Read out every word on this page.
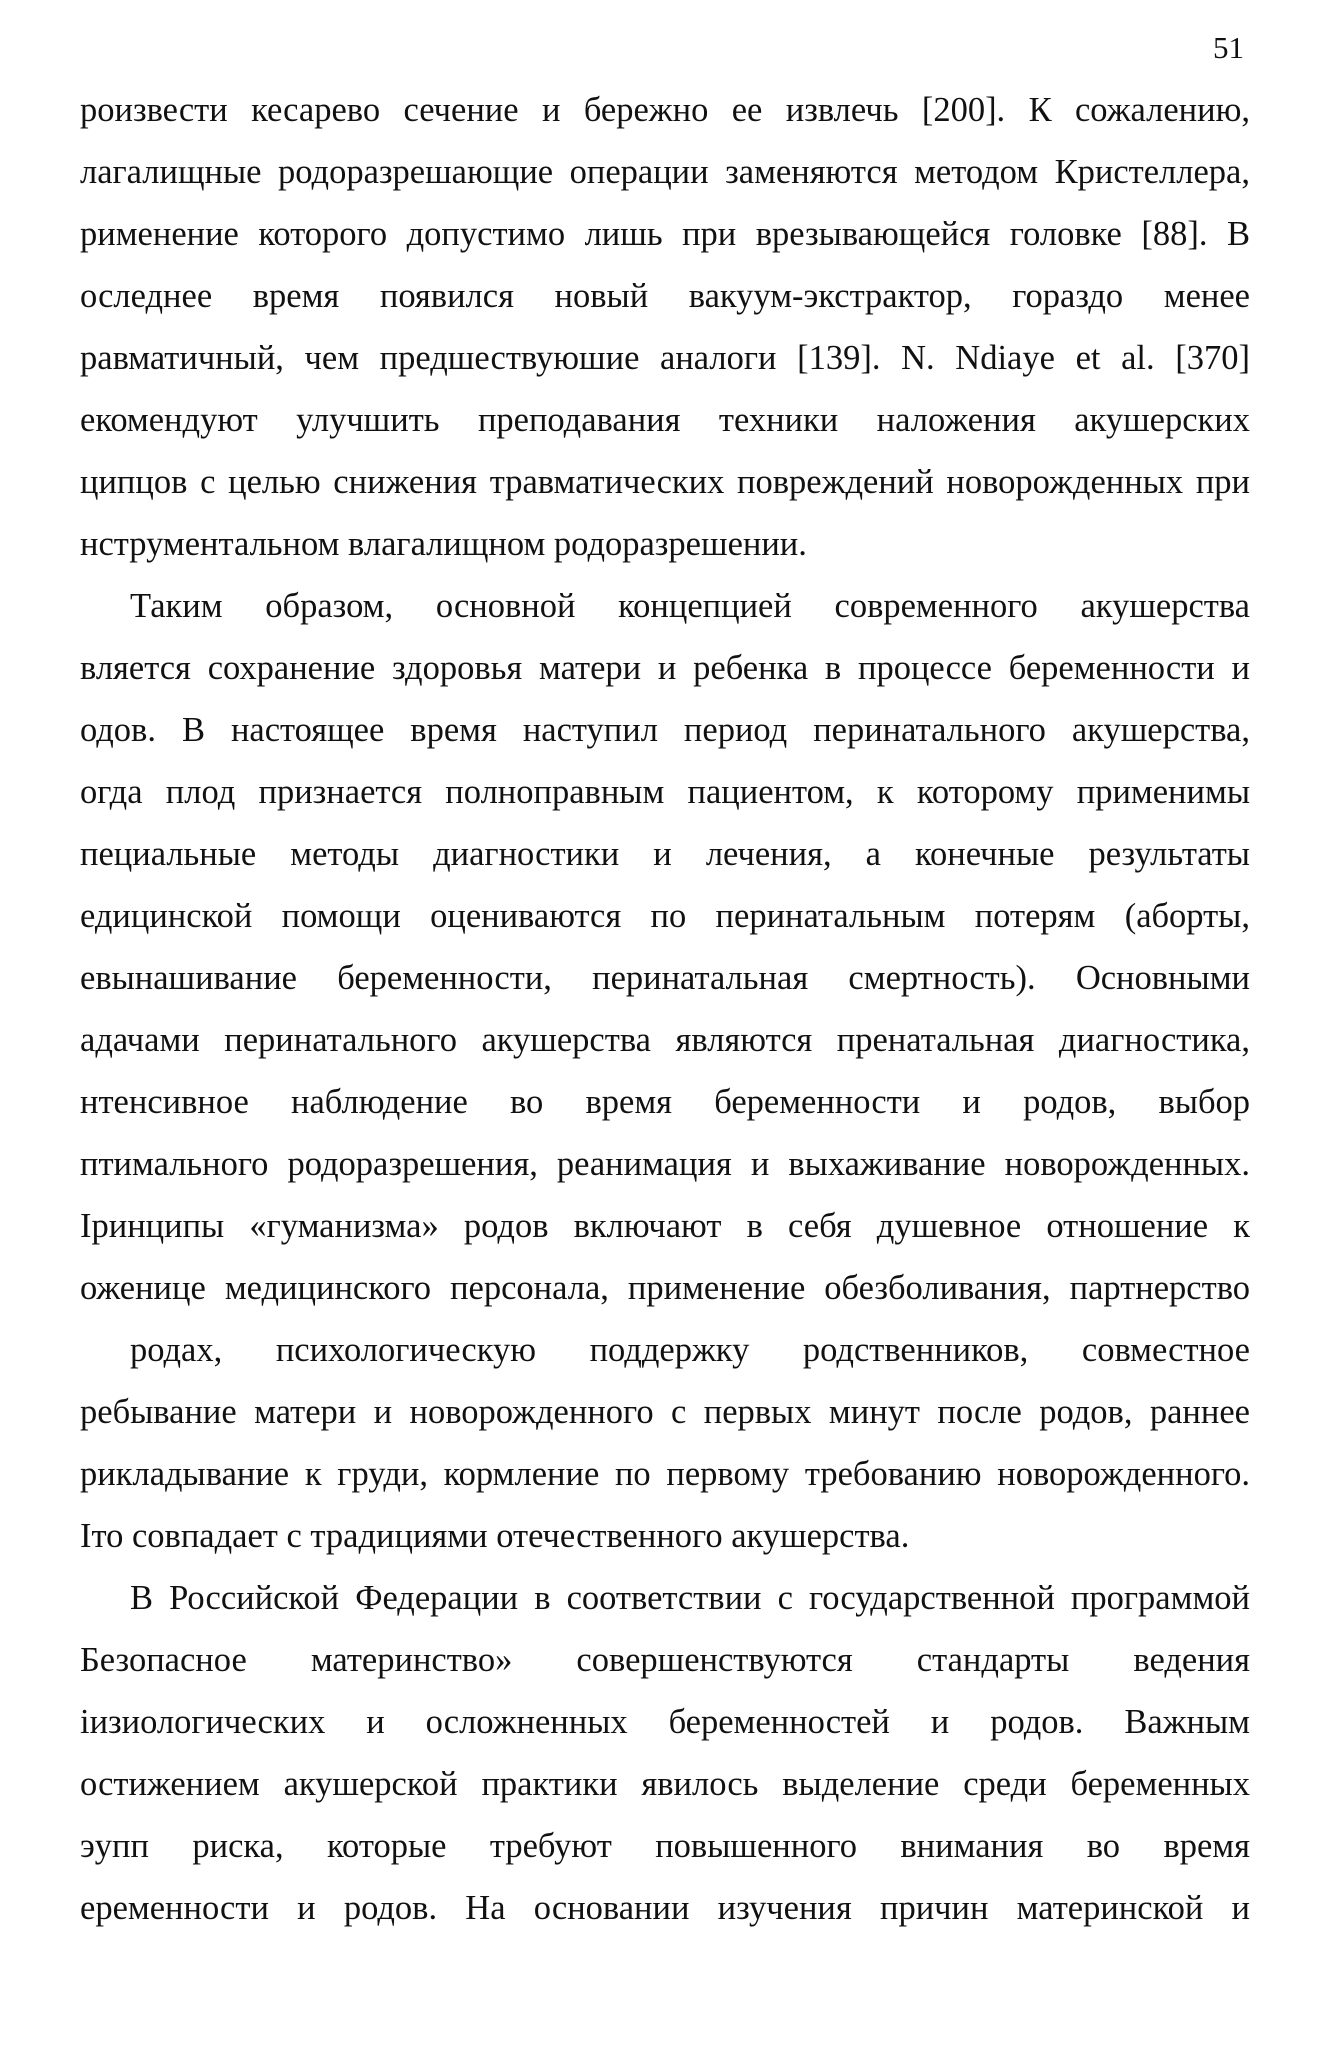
51
роизвести кесарево сечение и бережно ее извлечь [200]. К сожалению,
лагалищные родоразрешающие операции заменяются методом Кристеллера,
рименение которого допустимо лишь при врезывающейся головке [88]. В
оследнее время появился новый вакуум-экстрактор, гораздо менее
равматичный, чем предшествуюшие аналоги [139]. N. Ndiaye et al. [370]
екомендуют улучшить преподавания техники наложения акушерских
ципцов с целью снижения травматических повреждений новорожденных при
нструментальном влагалищном родоразрешении.
Таким образом, основной концепцией современного акушерства
вляется сохранение здоровья матери и ребенка в процессе беременности и
одов. В настоящее время наступил период перинатального акушерства,
огда плод признается полноправным пациентом, к которому применимы
пециальные методы диагностики и лечения, а конечные результаты
едицинской помощи оцениваются по перинатальным потерям (аборты,
евынашивание беременности, перинатальная смертность). Основными
адачами перинатального акушерства являются пренатальная диагностика,
нтенсивное наблюдение во время беременности и родов, выбор
птимального родоразрешения, реанимация и выхаживание новорожденных.
Іринципы «гуманизма» родов включают в себя душевное отношение к
оженице медицинского персонала, применение обезболивания, партнерство
родах, психологическую поддержку родственников, совместное
ребывание матери и новорожденного с первых минут после родов, раннее
рикладывание к груди, кормление по первому требованию новорожденного.
Іто совпадает с традициями отечественного акушерства.
В Российской Федерации в соответствии с государственной программой
Безопасное материнство» совершенствуются стандарты ведения
іизиологических и осложненных беременностей и родов. Важным
остижением акушерской практики явилось выделение среди беременных
эупп риска, которые требуют повышенного внимания во время
еременности и родов. На основании изучения причин материнской и
